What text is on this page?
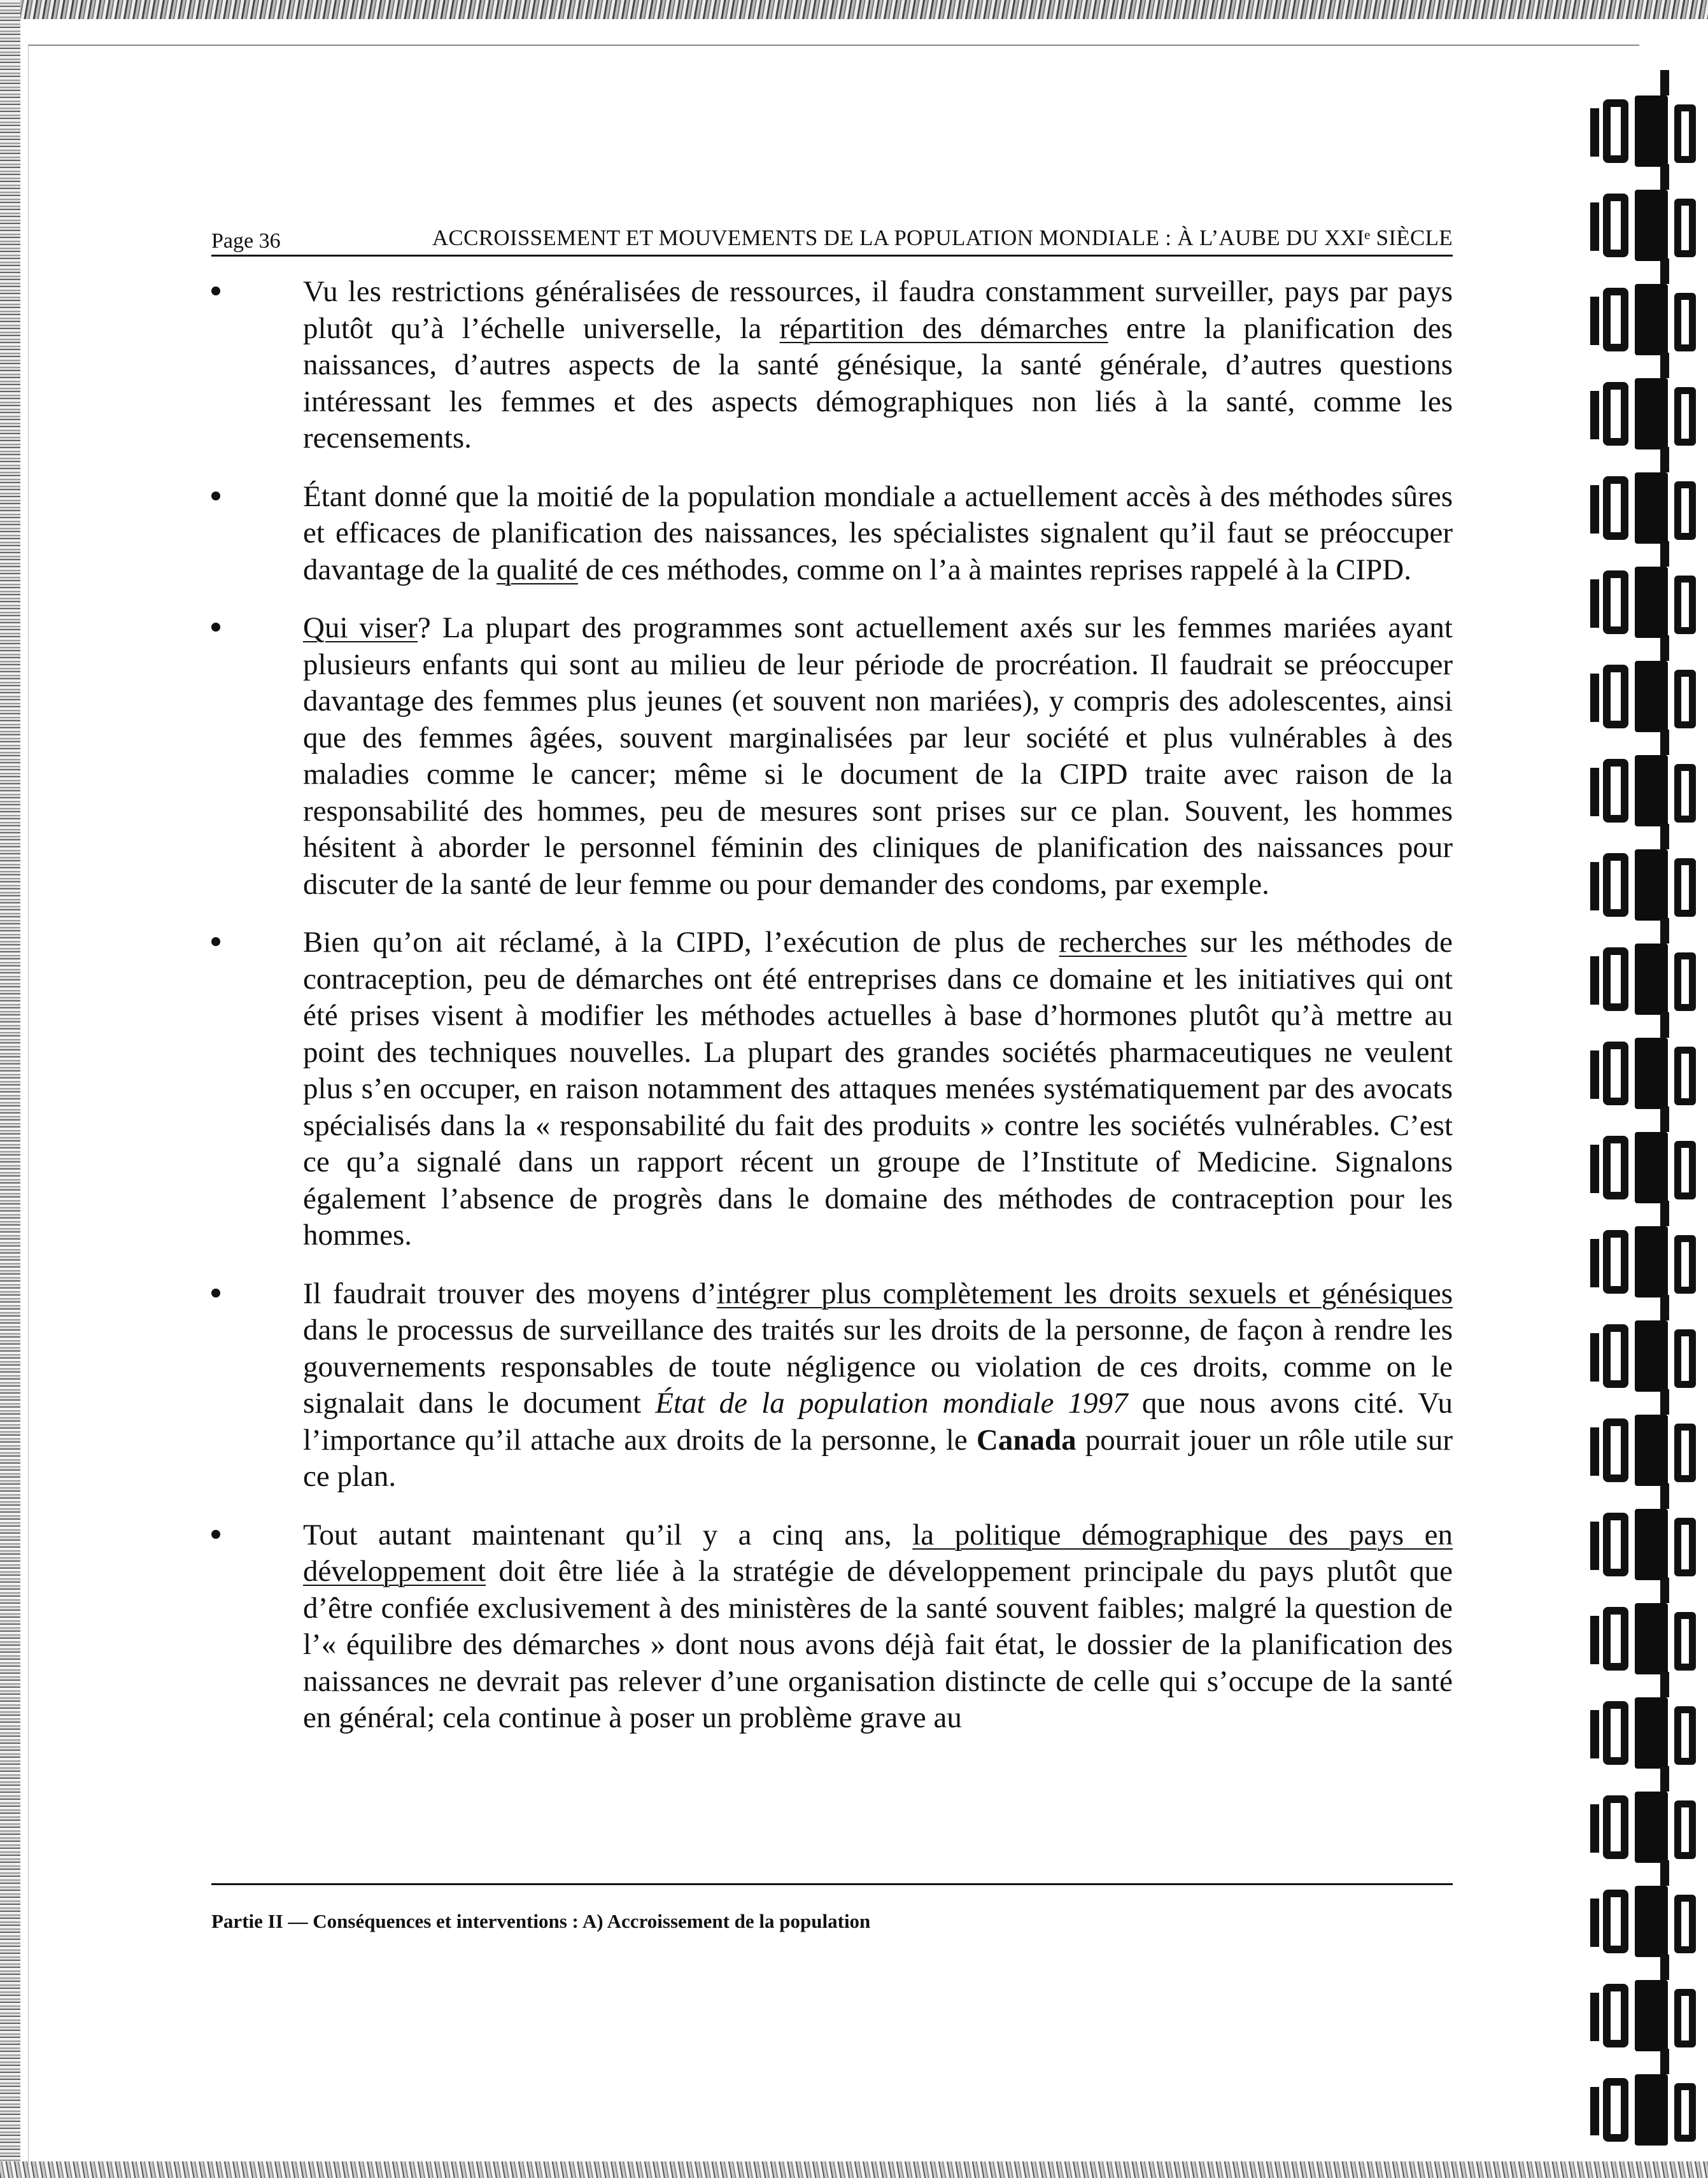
Page 36	ACCROISSEMENT ET MOUVEMENTS DE LA POPULATION MONDIALE : À L’AUBE DU XXIᵉ SIÈCLE

Vu les restrictions généralisées de ressources, il faudra constamment surveiller, pays par pays plutôt qu’à l’échelle universelle, la répartition des démarches entre la planification des naissances, d’autres aspects de la santé génésique, la santé générale, d’autres questions intéressant les femmes et des aspects démographiques non liés à la santé, comme les recensements.

Étant donné que la moitié de la population mondiale a actuellement accès à des méthodes sûres et efficaces de planification des naissances, les spécialistes signalent qu’il faut se préoccuper davantage de la qualité de ces méthodes, comme on l’a à maintes reprises rappelé à la CIPD.

Qui viser? La plupart des programmes sont actuellement axés sur les femmes mariées ayant plusieurs enfants qui sont au milieu de leur période de procréation. Il faudrait se préoccuper davantage des femmes plus jeunes (et souvent non mariées), y compris des adolescentes, ainsi que des femmes âgées, souvent marginalisées par leur société et plus vulnérables à des maladies comme le cancer; même si le document de la CIPD traite avec raison de la responsabilité des hommes, peu de mesures sont prises sur ce plan. Souvent, les hommes hésitent à aborder le personnel féminin des cliniques de planification des naissances pour discuter de la santé de leur femme ou pour demander des condoms, par exemple.

Bien qu’on ait réclamé, à la CIPD, l’exécution de plus de recherches sur les méthodes de contraception, peu de démarches ont été entreprises dans ce domaine et les initiatives qui ont été prises visent à modifier les méthodes actuelles à base d’hormones plutôt qu’à mettre au point des techniques nouvelles. La plupart des grandes sociétés pharmaceutiques ne veulent plus s’en occuper, en raison notamment des attaques menées systématiquement par des avocats spécialisés dans la « responsabilité du fait des produits » contre les sociétés vulnérables. C’est ce qu’a signalé dans un rapport récent un groupe de l’Institute of Medicine. Signalons également l’absence de progrès dans le domaine des méthodes de contraception pour les hommes.

Il faudrait trouver des moyens d’intégrer plus complètement les droits sexuels et génésiques dans le processus de surveillance des traités sur les droits de la personne, de façon à rendre les gouvernements responsables de toute négligence ou violation de ces droits, comme on le signalait dans le document État de la population mondiale 1997 que nous avons cité. Vu l’importance qu’il attache aux droits de la personne, le Canada pourrait jouer un rôle utile sur ce plan.

Tout autant maintenant qu’il y a cinq ans, la politique démographique des pays en développement doit être liée à la stratégie de développement principale du pays plutôt que d’être confiée exclusivement à des ministères de la santé souvent faibles; malgré la question de l’« équilibre des démarches » dont nous avons déjà fait état, le dossier de la planification des naissances ne devrait pas relever d’une organisation distincte de celle qui s’occupe de la santé en général; cela continue à poser un problème grave au

Partie II — Conséquences et interventions : A) Accroissement de la population
